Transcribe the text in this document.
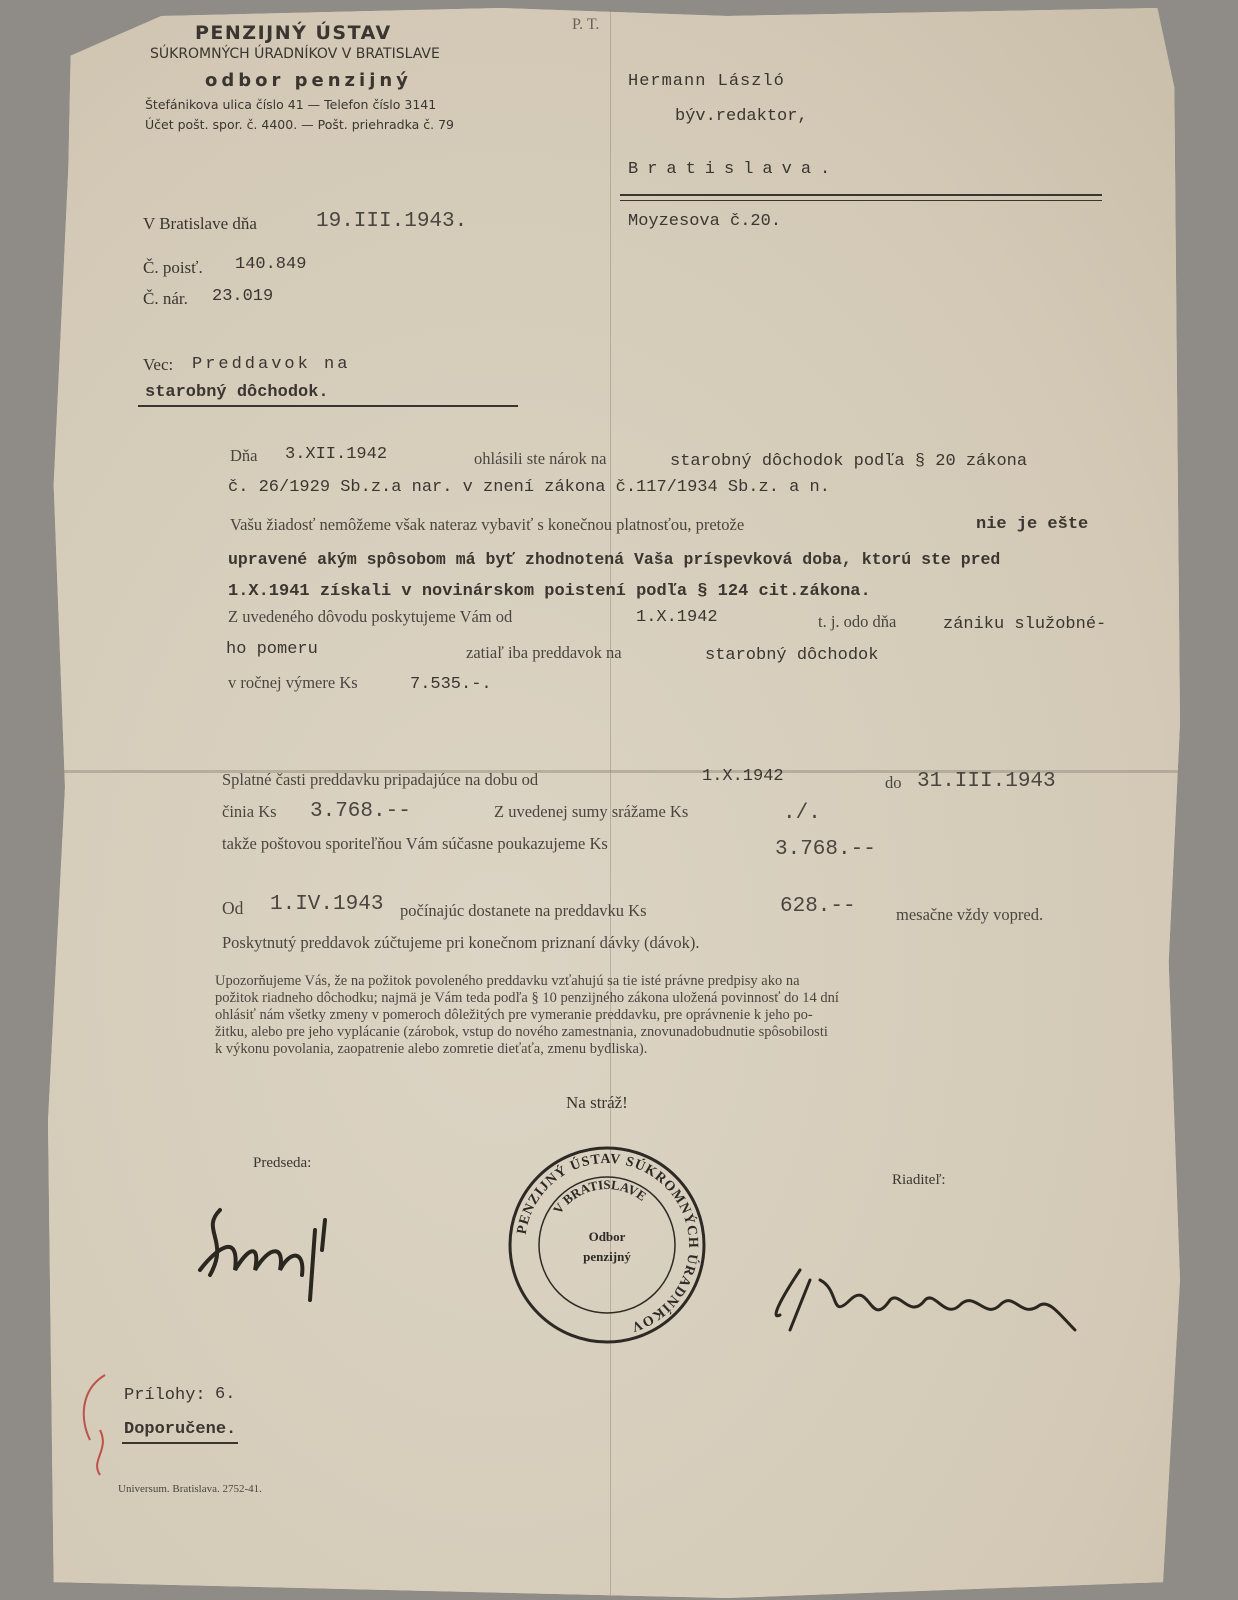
PENZIJNÝ ÚSTAV
SÚKROMNÝCH ÚRADNÍKOV V BRATISLAVE
odbor penzijný
Štefánikova ulica číslo 41 — Telefon číslo 3141
Účet pošt. spor. č. 4400. — Pošt. priehradka č. 79
P. T.
Hermann László
býv.redaktor,
Bratislava.
Moyzesova č.20.
V Bratislave dňa	19.III.1943.
Č. poisť. 140.849
Č. nár. 23.019
Vec: Preddavok na
starobný dôchodok.
Dňa 3.XII.1942	ohlásili ste nárok na	starobný dôchodok podľa § 20 zákona
č. 26/1929 Sb.z.a nar. v znení zákona č.117/1934 Sb.z. a n.
Vašu žiadosť nemôžeme však nateraz vybaviť s konečnou platnosťou, pretože	nie je ešte
upravené akým spôsobom má byť zhodnotená Vaša príspevková doba, ktorú ste pred
1.X.1941 získali v novinárskom poistení podľa § 124 cit.zákona.
Z uvedeného dôvodu poskytujeme Vám od	1.X.1942	t. j. odo dňa	zániku služobné-
ho pomeru	zatiaľ iba preddavok na	starobný dôchodok
v ročnej výmere Ks	7.535.-.
Splatné časti preddavku pripadajúce na dobu od	1.X.1942	do 31.III.1943
činia Ks 3.768.--	Z uvedenej sumy srážame Ks	./.
takže poštovou sporiteľňou Vám súčasne poukazujeme Ks	3.768.--
Od 1.IV.1943 počínajúc dostanete na preddavku Ks	628.-- mesačne vždy vopred.
Poskytnutý preddavok zúčtujeme pri konečnom priznaní dávky (dávok).
Upozorňujeme Vás, že na požitok povoleného preddavku vzťahujú sa tie isté právne predpisy ako na
požitok riadneho dôchodku; najmä je Vám teda podľa § 10 penzijného zákona uložená povinnosť do 14 dní
ohlásiť nám všetky zmeny v pomeroch dôležitých pre vymeranie preddavku, pre oprávnenie k jeho po-
žitku, alebo pre jeho vyplácanie (zárobok, vstup do nového zamestnania, znovunadobudnutie spôsobilosti
k výkonu povolania, zaopatrenie alebo zomretie dieťaťa, zmenu bydliska).
Na stráž!
Predseda:
Riaditeľ:
PENZIJNÝ ÚSTAV SÚKROMNÝCH ÚRADNÍKOV
V BRATISLAVE
Odbor
penzijný
Prílohy: 6.
Doporučene.
Universum. Bratislava. 2752-41.
